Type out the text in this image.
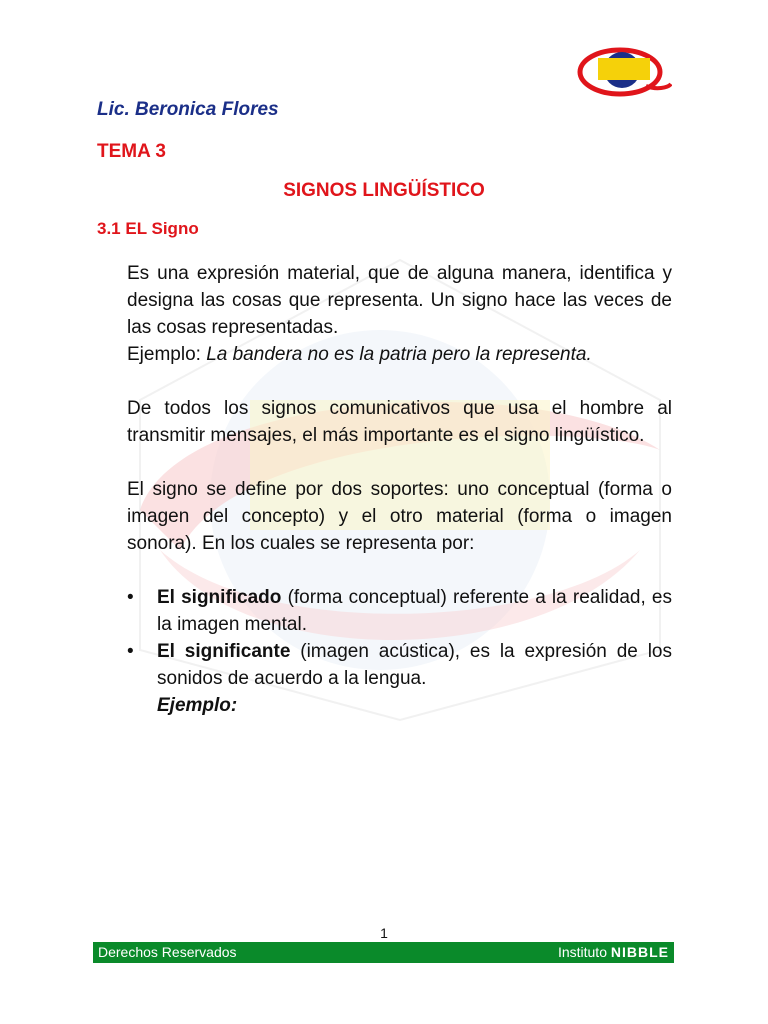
Lic. Beronica Flores
TEMA 3
SIGNOS LINGÜÍSTICO
3.1 EL Signo

Es una expresión material, que de alguna manera, identifica y designa las cosas que representa. Un signo hace las veces de las cosas representadas.

Ejemplo: La bandera no es la patria pero la representa.

De todos los signos comunicativos que usa el hombre al transmitir mensajes, el más importante es el signo lingüístico.

El signo se define por dos soportes: uno conceptual (forma o imagen del concepto) y el otro material (forma o imagen sonora). En los cuales se representa por:

• El significado (forma conceptual) referente a la realidad, es la imagen mental.
• El significante (imagen acústica), es la expresión de los sonidos de acuerdo a la lengua.
Ejemplo:
1
Derechos Reservados	Instituto NIBBLE
